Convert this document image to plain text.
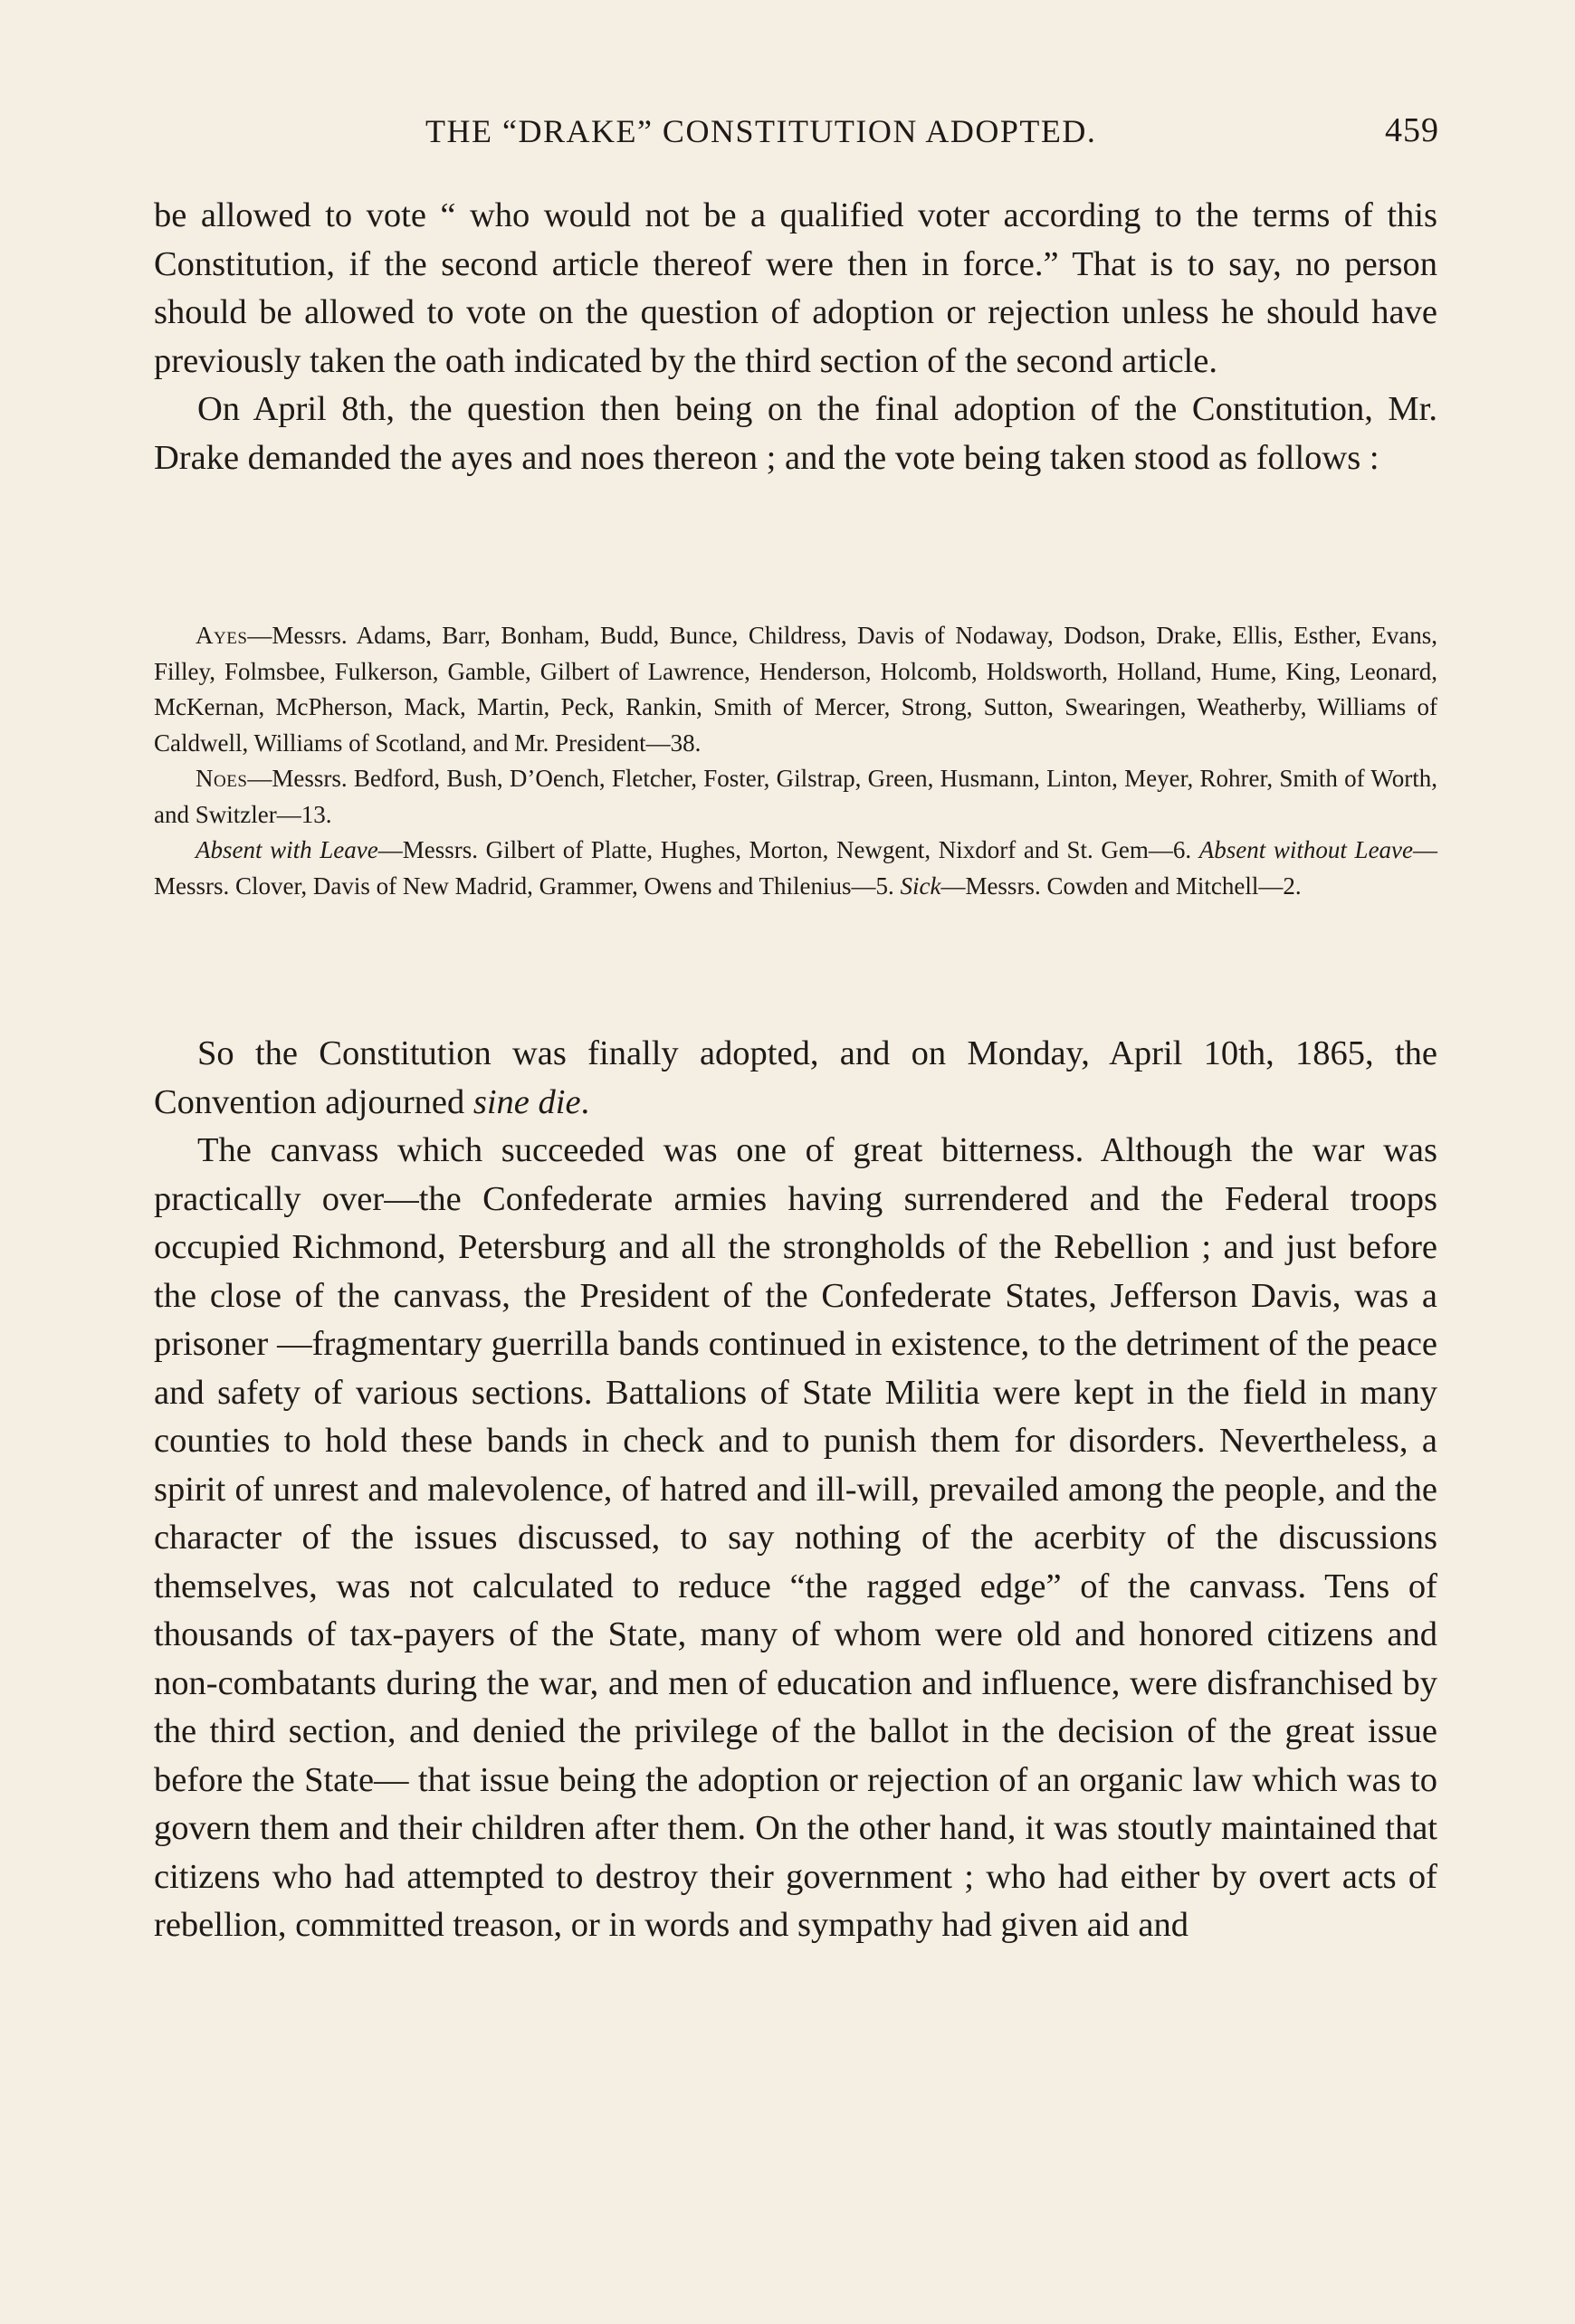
THE “DRAKE” CONSTITUTION ADOPTED.	459

be allowed to vote “ who would not be a qualified voter according to the terms of this Constitution, if the second article thereof were then in force.” That is to say, no person should be allowed to vote on the question of adoption or rejection unless he should have previously taken the oath indicated by the third section of the second article.

On April 8th, the question then being on the final adoption of the Constitution, Mr. Drake demanded the ayes and noes thereon ; and the vote being taken stood as follows :

Ayes—Messrs. Adams, Barr, Bonham, Budd, Bunce, Childress, Davis of Nodaway, Dodson, Drake, Ellis, Esther, Evans, Filley, Folmsbee, Fulkerson, Gamble, Gilbert of Lawrence, Henderson, Holcomb, Holdsworth, Holland, Hume, King, Leonard, McKernan, McPherson, Mack, Martin, Peck, Rankin, Smith of Mercer, Strong, Sutton, Swearingen, Weatherby, Williams of Caldwell, Williams of Scotland, and Mr. President—38.

Noes—Messrs. Bedford, Bush, D’Oench, Fletcher, Foster, Gilstrap, Green, Husmann, Linton, Meyer, Rohrer, Smith of Worth, and Switzler—13.

Absent with Leave—Messrs. Gilbert of Platte, Hughes, Morton, Newgent, Nixdorf and St. Gem—6. Absent without Leave—Messrs. Clover, Davis of New Madrid, Grammer, Owens and Thilenius—5. Sick—Messrs. Cowden and Mitchell—2.

So the Constitution was finally adopted, and on Monday, April 10th, 1865, the Convention adjourned sine die.

The canvass which succeeded was one of great bitterness. Although the war was practically over—the Confederate armies having surrendered and the Federal troops occupied Richmond, Petersburg and all the strongholds of the Rebellion ; and just before the close of the canvass, the President of the Confederate States, Jefferson Davis, was a prisoner —fragmentary guerrilla bands continued in existence, to the detriment of the peace and safety of various sections. Battalions of State Militia were kept in the field in many counties to hold these bands in check and to punish them for disorders. Nevertheless, a spirit of unrest and malevolence, of hatred and ill-will, prevailed among the people, and the character of the issues discussed, to say nothing of the acerbity of the discussions themselves, was not calculated to reduce “the ragged edge” of the canvass. Tens of thousands of tax-payers of the State, many of whom were old and honored citizens and non-combatants during the war, and men of education and influence, were disfranchised by the third section, and denied the privilege of the ballot in the decision of the great issue before the State— that issue being the adoption or rejection of an organic law which was to govern them and their children after them. On the other hand, it was stoutly maintained that citizens who had attempted to destroy their government ; who had either by overt acts of rebellion, committed treason, or in words and sympathy had given aid and
